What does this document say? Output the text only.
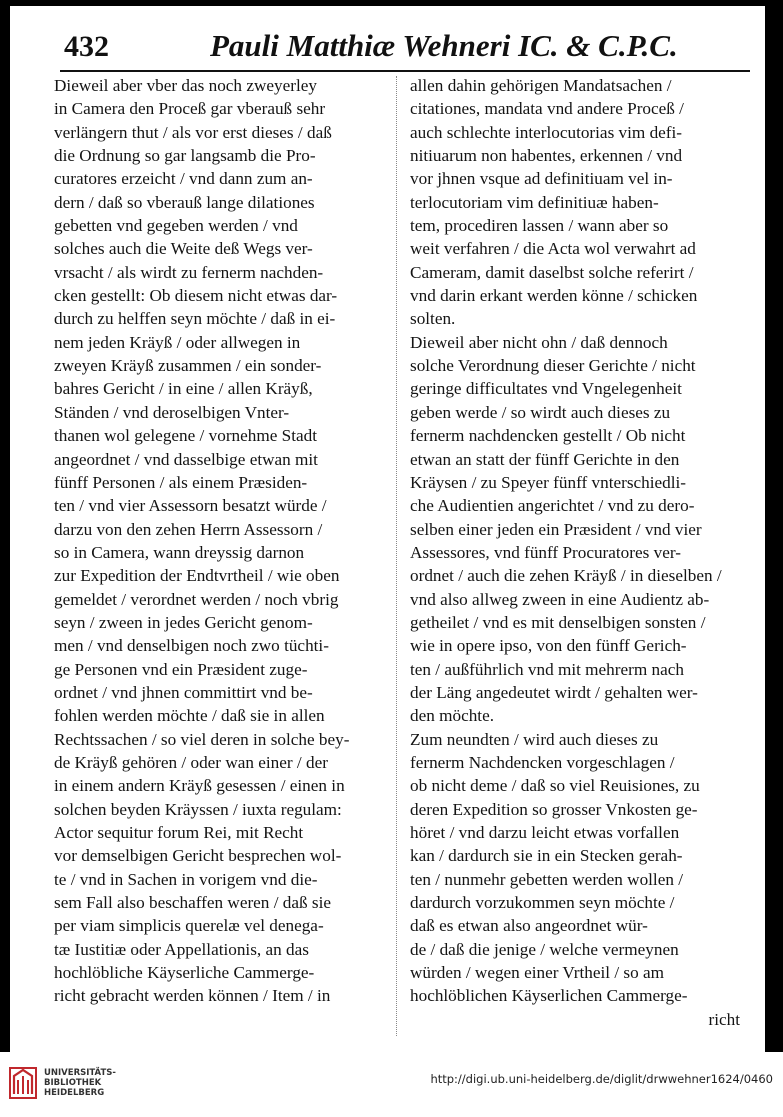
432	Pauli Matthiæ Wehneri IC. & C.P.C.
Dieweil aber vber das noch zweyerley
in Camera den Proceß gar vberauß sehr
verlängern thut / als vor erst dieses / daß
die Ordnung so gar langsamb die Pro-
curatores erzeicht / vnd dann zum an-
dern / daß so vberauß lange dilationes
gebetten vnd gegeben werden / vnd
solches auch die Weite deß Wegs ver-
vrsacht / als wirdt zu fernerm nachden-
cken gestellt: Ob diesem nicht etwas dar-
durch zu helffen seyn möchte / daß in ei-
nem jeden Kräyß / oder allwegen in
zweyen Kräyß zusammen / ein sonder-
bahres Gericht / in eine / allen Kräyß,
Ständen / vnd deroselbigen Vnter-
thanen wol gelegene / vornehme Stadt
angeordnet / vnd dasselbige etwan mit
fünff Personen / als einem Præsiden-
ten / vnd vier Assessorn besatzt würde /
darzu von den zehen Herrn Assessorn /
so in Camera, wann dreyssig darnon
zur Expedition der Endtvrtheil / wie oben
gemeldet / verordnet werden / noch vbrig
seyn / zween in jedes Gericht genom-
men / vnd denselbigen noch zwo tüchti-
ge Personen vnd ein Præsident zuge-
ordnet / vnd jhnen committirt vnd be-
fohlen werden möchte / daß sie in allen
Rechtssachen / so viel deren in solche bey-
de Kräyß gehören / oder wan einer / der
in einem andern Kräyß gesessen / einen in
solchen beyden Kräyssen / iuxta regulam:
Actor sequitur forum Rei, mit Recht
vor demselbigen Gericht besprechen wol-
te / vnd in Sachen in vorigem vnd die-
sem Fall also beschaffen weren / daß sie
per viam simplicis querelæ vel denega-
tæ Iustitiæ oder Appellationis, an das
hochlöbliche Käyserliche Cammerge-
richt gebracht werden können / Item / in
allen dahin gehörigen Mandatsachen /
citationes, mandata vnd andere Proceß /
auch schlechte interlocutorias vim defi-
nitiuarum non habentes, erkennen / vnd
vor jhnen vsque ad definitiuam vel in-
terlocutoriam vim definitiuæ haben-
tem, procediren lassen / wann aber so
weit verfahren / die Acta wol verwahrt ad
Cameram, damit daselbst solche referirt /
vnd darin erkant werden könne / schicken
solten.
Dieweil aber nicht ohn / daß dennoch
solche Verordnung dieser Gerichte / nicht
geringe difficultates vnd Vngelegenheit
geben werde / so wirdt auch dieses zu
fernerm nachdencken gestellt / Ob nicht
etwan an statt der fünff Gerichte in den
Kräysen / zu Speyer fünff vnterschiedli-
che Audientien angerichtet / vnd zu dero-
selben einer jeden ein Præsident / vnd vier
Assessores, vnd fünff Procuratores ver-
ordnet / auch die zehen Kräyß / in dieselben /
vnd also allweg zween in eine Audientz ab-
getheilet / vnd es mit denselbigen sonsten /
wie in opere ipso, von den fünff Gerich-
ten / außführlich vnd mit mehrerm nach
der Läng angedeutet wirdt / gehalten wer-
den möchte.
Zum neundten / wird auch dieses zu
fernerm Nachdencken vorgeschlagen /
ob nicht deme / daß so viel Reuisiones, zu
deren Expedition so grosser Vnkosten ge-
höret / vnd darzu leicht etwas vorfallen
kan / dardurch sie in ein Stecken gerah-
ten / nunmehr gebetten werden wollen /
dardurch vorzukommen seyn möchte /
daß es etwan also angeordnet wür-
de / daß die jenige / welche vermeynen
würden / wegen einer Vrtheil / so am
hochlöblichen Käyserlichen Cammerge-
richt
UNIVERSITÄTS-
BIBLIOTHEK
HEIDELBERG
http://digi.ub.uni-heidelberg.de/diglit/drwwehner1624/0460
